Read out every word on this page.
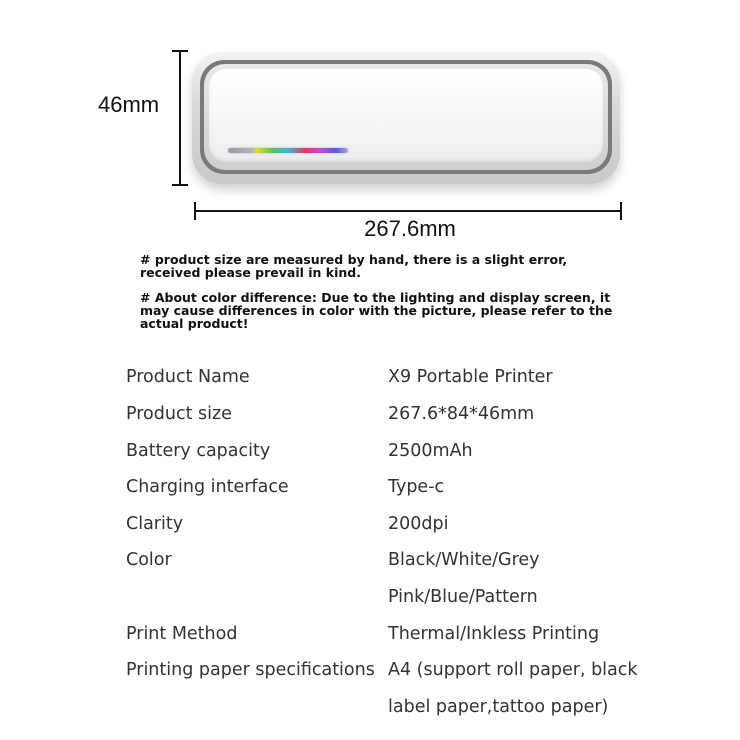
46mm
267.6mm
# product size are measured by hand, there is a slight error, received please prevail in kind.
# About color difference: Due to the lighting and display screen, it may cause differences in color with the picture, please refer to the actual product!
Product Name	X9 Portable Printer
Product size	267.6*84*46mm
Battery capacity	2500mAh
Charging interface	Type-c
Clarity	200dpi
Color	Black/White/Grey
Pink/Blue/Pattern
Print Method	Thermal/Inkless Printing
Printing paper specifications A4 (support roll paper, black
label paper,tattoo paper)
